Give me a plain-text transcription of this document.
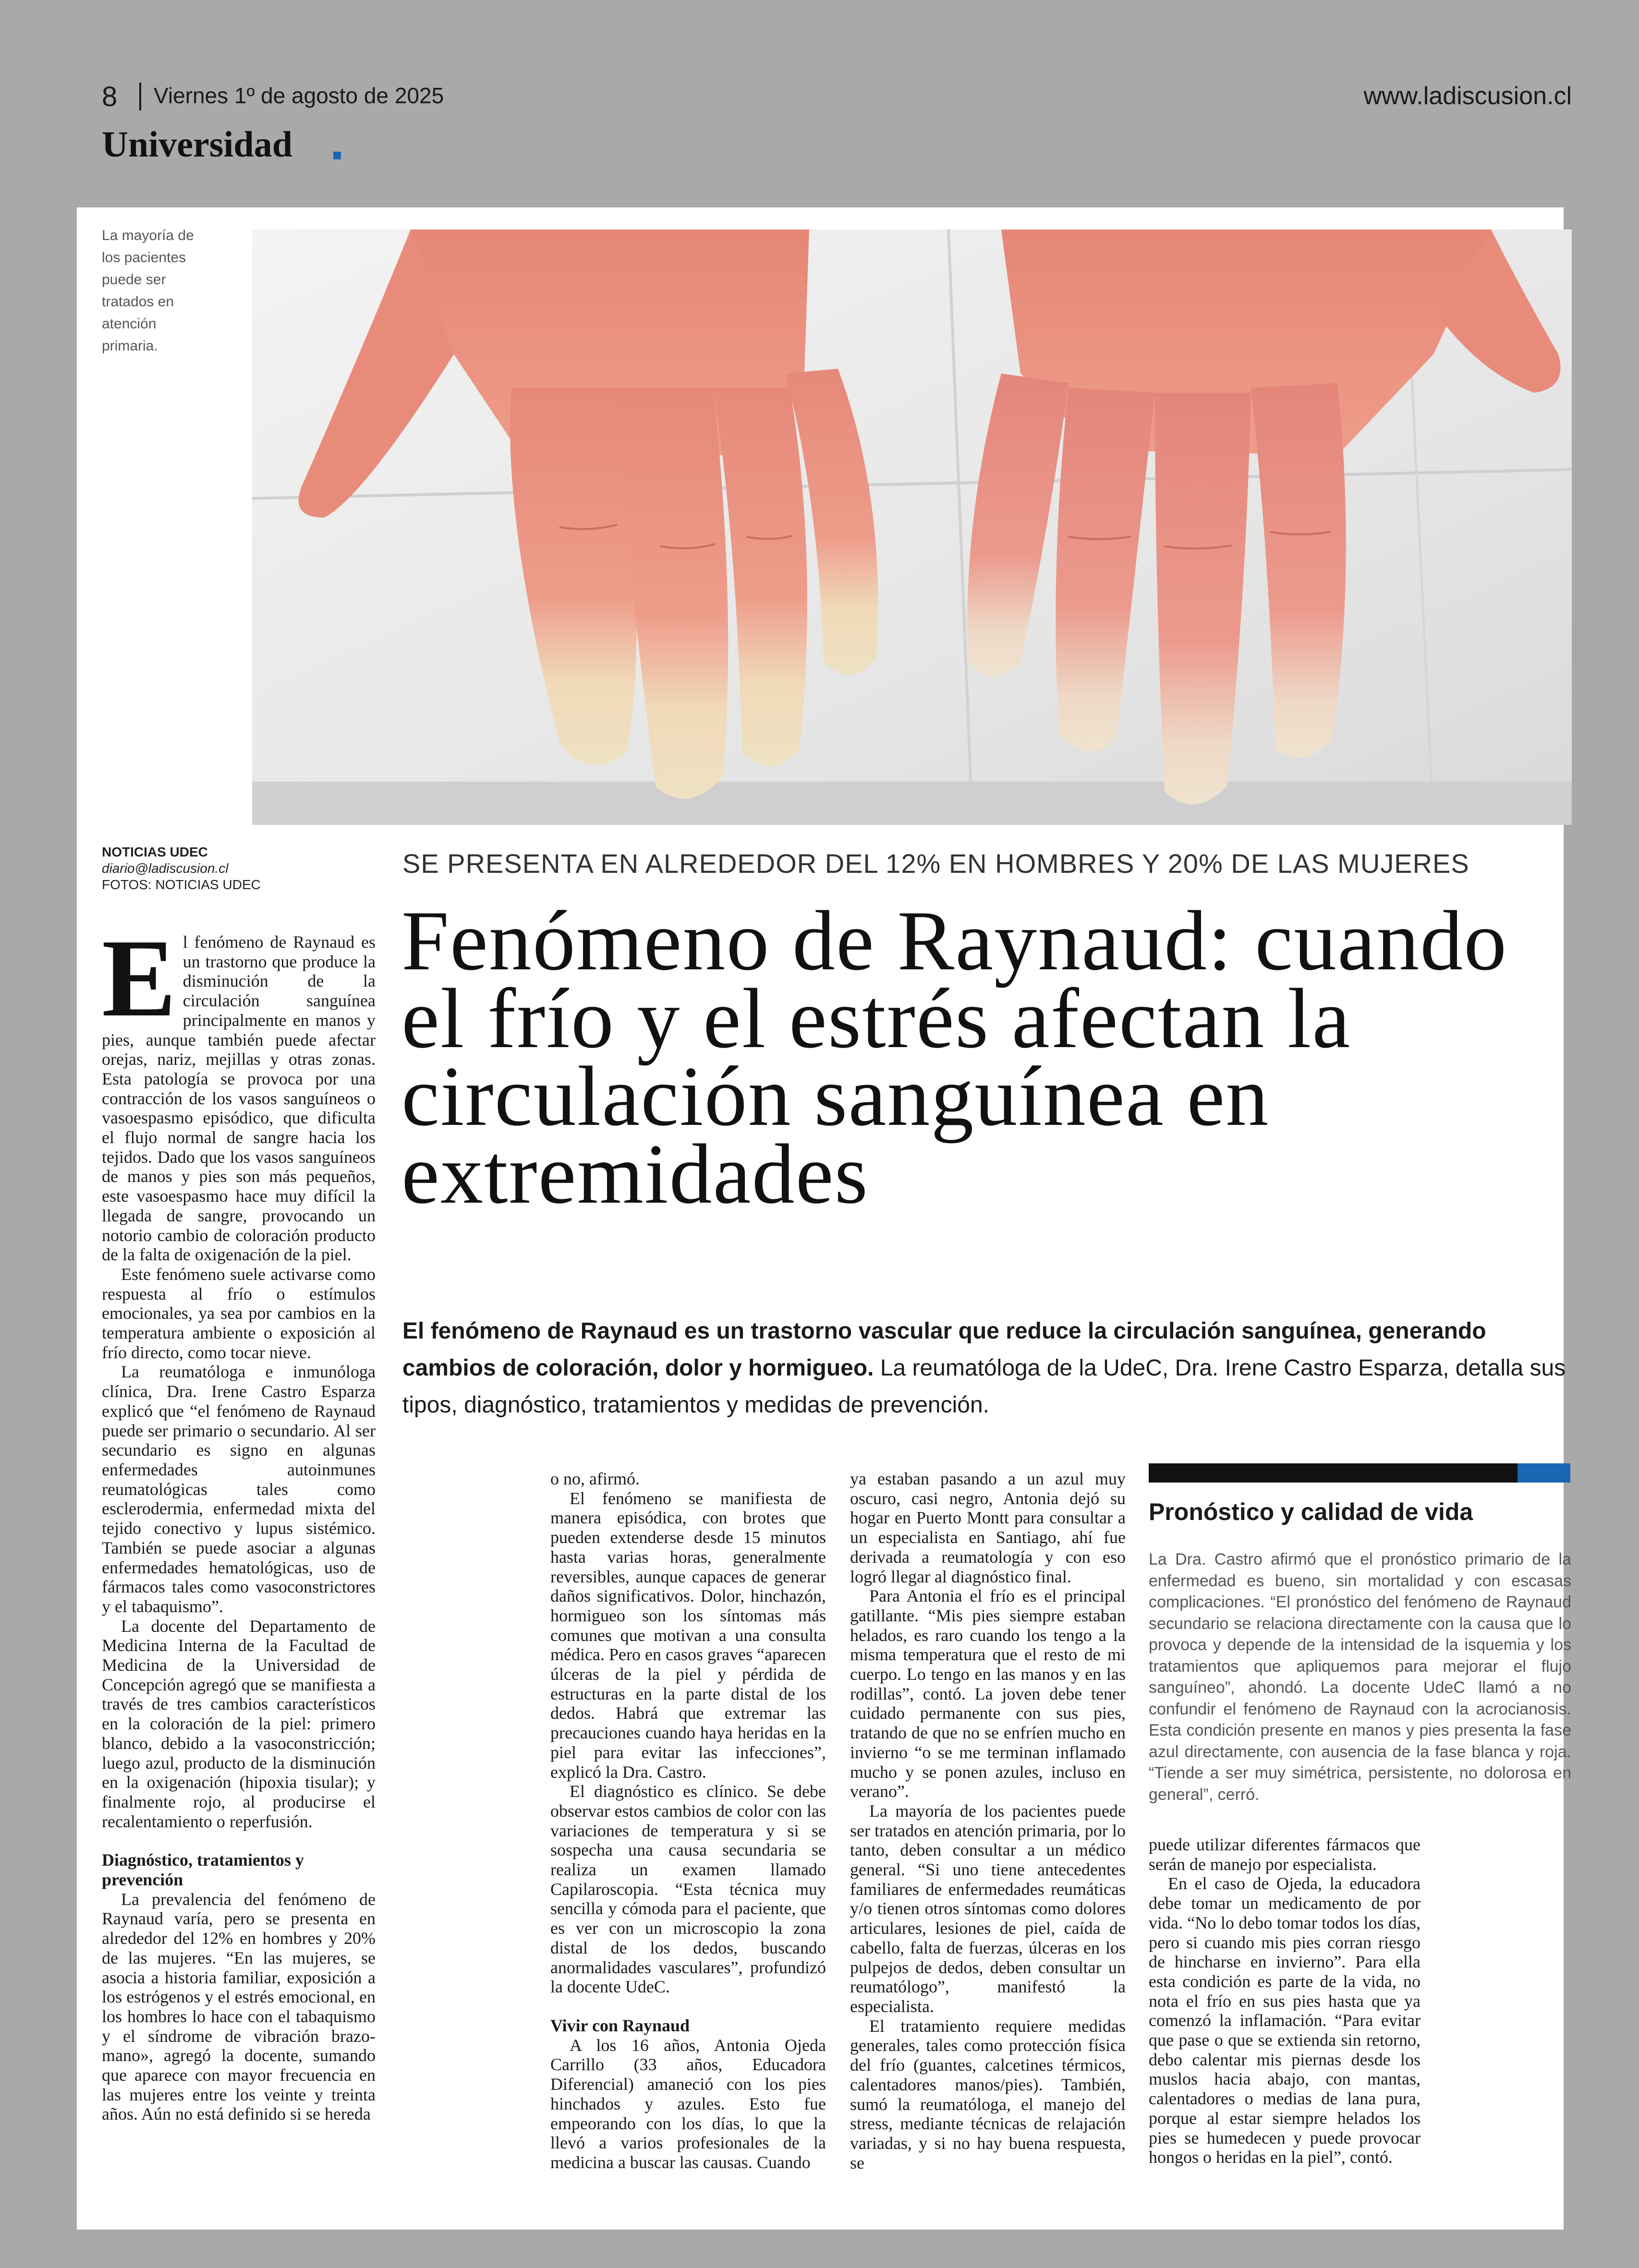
8 Viernes 1º de agosto de 2025	www.ladiscusion.cl
Universidad
La mayoría de los pacientes puede ser tratados en atención primaria.
NOTICIAS UDEC
diario@ladiscusion.cl
FOTOS: NOTICIAS UDEC
SE PRESENTA EN ALREDEDOR DEL 12% EN HOMBRES Y 20% DE LAS MUJERES
Fenómeno de Raynaud: cuando el frío y el estrés afectan la circulación sanguínea en extremidades
El fenómeno de Raynaud es un trastorno vascular que reduce la circulación sanguínea, generando cambios de coloración, dolor y hormigueo. La reumatóloga de la UdeC, Dra. Irene Castro Esparza, detalla sus tipos, diagnóstico, tratamientos y medidas de prevención.

El fenómeno de Raynaud es un trastorno que produce la disminución de la circulación sanguínea principalmente en manos y pies, aunque también puede afectar orejas, nariz, mejillas y otras zonas. Esta patología se provoca por una contracción de los vasos sanguíneos o vasoespasmo episódico, que dificulta el flujo normal de sangre hacia los tejidos. Dado que los vasos sanguíneos de manos y pies son más pequeños, este vasoespasmo hace muy difícil la llegada de sangre, provocando un notorio cambio de coloración producto de la falta de oxigenación de la piel.

Este fenómeno suele activarse como respuesta al frío o estímulos emocionales, ya sea por cambios en la temperatura ambiente o exposición al frío directo, como tocar nieve.

La reumatóloga e inmunóloga clínica, Dra. Irene Castro Esparza explicó que “el fenómeno de Raynaud puede ser primario o secundario. Al ser secundario es signo en algunas enfermedades autoinmunes reumatológicas tales como esclerodermia, enfermedad mixta del tejido conectivo y lupus sistémico. También se puede asociar a algunas enfermedades hematológicas, uso de fármacos tales como vasoconstrictores y el tabaquismo”.

La docente del Departamento de Medicina Interna de la Facultad de Medicina de la Universidad de Concepción agregó que se manifiesta a través de tres cambios característicos en la coloración de la piel: primero blanco, debido a la vasoconstricción; luego azul, producto de la disminución en la oxigenación (hipoxia tisular); y finalmente rojo, al producirse el recalentamiento o reperfusión.

Diagnóstico, tratamientos y prevención

La prevalencia del fenómeno de Raynaud varía, pero se presenta en alrededor del 12% en hombres y 20% de las mujeres. “En las mujeres, se asocia a historia familiar, exposición a los estrógenos y el estrés emocional, en los hombres lo hace con el tabaquismo y el síndrome de vibración brazo-mano», agregó la docente, sumando que aparece con mayor frecuencia en las mujeres entre los veinte y treinta años. Aún no está definido si se hereda

o no, afirmó.

El fenómeno se manifiesta de manera episódica, con brotes que pueden extenderse desde 15 minutos hasta varias horas, generalmente reversibles, aunque capaces de generar daños significativos. Dolor, hinchazón, hormigueo son los síntomas más comunes que motivan a una consulta médica. Pero en casos graves “aparecen úlceras de la piel y pérdida de estructuras en la parte distal de los dedos. Habrá que extremar las precauciones cuando haya heridas en la piel para evitar las infecciones”, explicó la Dra. Castro.

El diagnóstico es clínico. Se debe observar estos cambios de color con las variaciones de temperatura y si se sospecha una causa secundaria se realiza un examen llamado Capilaroscopia. “Esta técnica muy sencilla y cómoda para el paciente, que es ver con un microscopio la zona distal de los dedos, buscando anormalidades vasculares”, profundizó la docente UdeC.

Vivir con Raynaud

A los 16 años, Antonia Ojeda Carrillo (33 años, Educadora Diferencial) amaneció con los pies hinchados y azules. Esto fue empeorando con los días, lo que la llevó a varios profesionales de la medicina a buscar las causas. Cuando

ya estaban pasando a un azul muy oscuro, casi negro, Antonia dejó su hogar en Puerto Montt para consultar a un especialista en Santiago, ahí fue derivada a reumatología y con eso logró llegar al diagnóstico final.

Para Antonia el frío es el principal gatillante. “Mis pies siempre estaban helados, es raro cuando los tengo a la misma temperatura que el resto de mi cuerpo. Lo tengo en las manos y en las rodillas”, contó. La joven debe tener cuidado permanente con sus pies, tratando de que no se enfríen mucho en invierno “o se me terminan inflamado mucho y se ponen azules, incluso en verano”.

La mayoría de los pacientes puede ser tratados en atención primaria, por lo tanto, deben consultar a un médico general. “Si uno tiene antecedentes familiares de enfermedades reumáticas y/o tienen otros síntomas como dolores articulares, lesiones de piel, caída de cabello, falta de fuerzas, úlceras en los pulpejos de dedos, deben consultar un reumatólogo”, manifestó la especialista.

El tratamiento requiere medidas generales, tales como protección física del frío (guantes, calcetines térmicos, calentadores manos/pies). También, sumó la reumatóloga, el manejo del stress, mediante técnicas de relajación variadas, y si no hay buena respuesta, se

Pronóstico y calidad de vida
La Dra. Castro afirmó que el pronóstico primario de la enfermedad es bueno, sin mortalidad y con escasas complicaciones. “El pronóstico del fenómeno de Raynaud secundario se relaciona directamente con la causa que lo provoca y depende de la intensidad de la isquemia y los tratamientos que apliquemos para mejorar el flujo sanguíneo”, ahondó. La docente UdeC llamó a no confundir el fenómeno de Raynaud con la acrocianosis. Esta condición presente en manos y pies presenta la fase azul directamente, con ausencia de la fase blanca y roja. “Tiende a ser muy simétrica, persistente, no dolorosa en general”, cerró.

puede utilizar diferentes fármacos que serán de manejo por especialista.

En el caso de Ojeda, la educadora debe tomar un medicamento de por vida. “No lo debo tomar todos los días, pero si cuando mis pies corran riesgo de hincharse en invierno”. Para ella esta condición es parte de la vida, no nota el frío en sus pies hasta que ya comenzó la inflamación. “Para evitar que pase o que se extienda sin retorno, debo calentar mis piernas desde los muslos hacia abajo, con mantas, calentadores o medias de lana pura, porque al estar siempre helados los pies se humedecen y puede provocar hongos o heridas en la piel”, contó.
